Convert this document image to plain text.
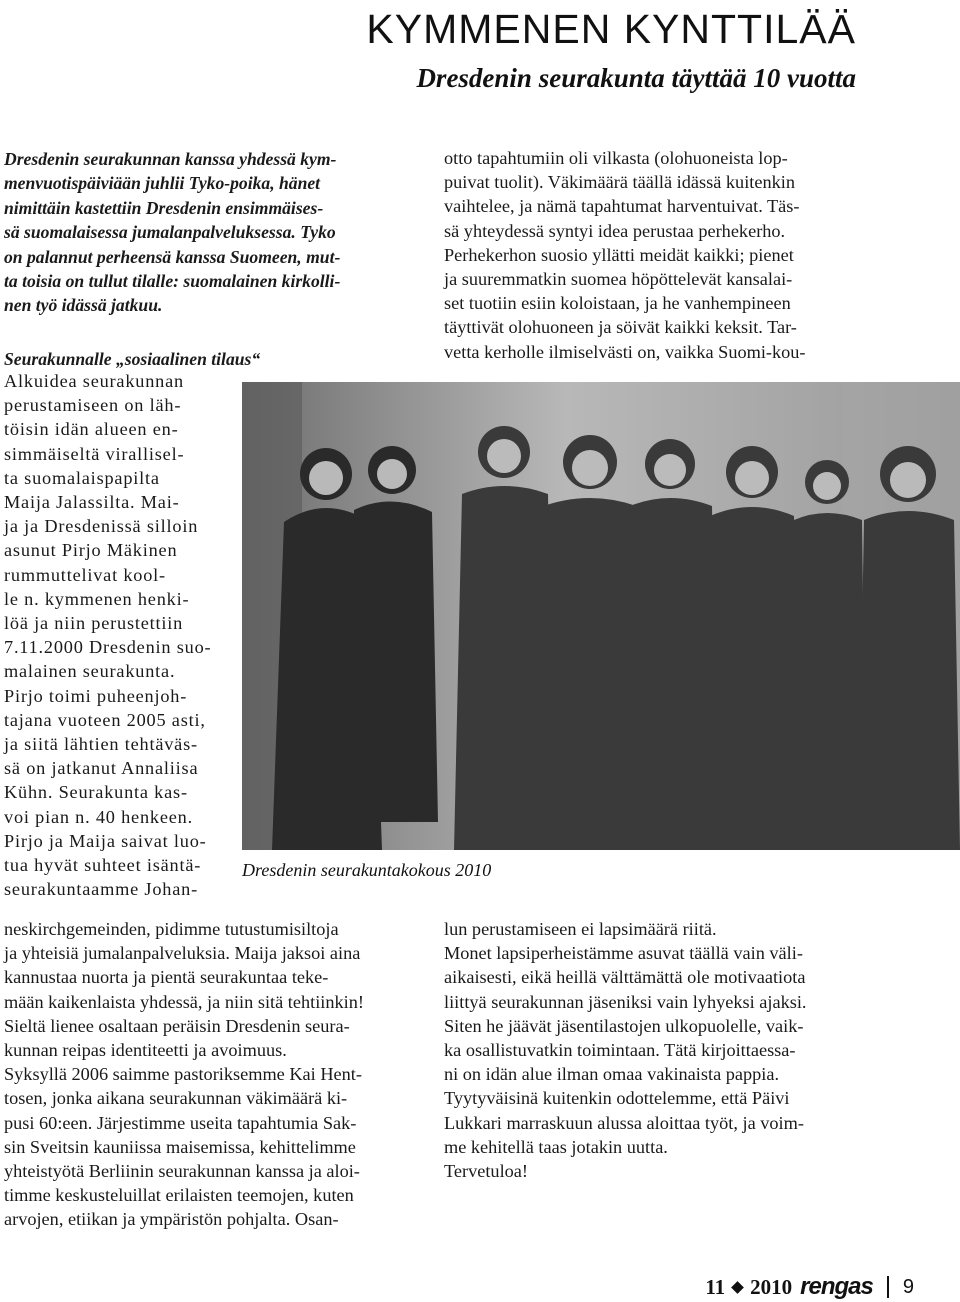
KYMMENEN KYNTTILÄÄ
Dresdenin seurakunta täyttää 10 vuotta
Dresdenin seurakunnan kanssa yhdessä kym-
menvuotispäiviään juhlii Tyko-poika, hänet
nimittäin kastettiin Dresdenin ensimmäises-
sä suomalaisessa jumalanpalveluksessa. Tyko
on palannut perheensä kanssa Suomeen, mut-
ta toisia on tullut tilalle: suomalainen kirkolli-
nen työ idässä jatkuu.
Seurakunnalle „sosiaalinen tilaus“
Alkuidea seurakunnan
perustamiseen on läh-
töisin idän alueen en-
simmäiseltä virallisel-
ta suomalaispapilta
Maija Jalassilta. Mai-
ja ja Dresdenissä silloin
asunut Pirjo Mäkinen
rummuttelivat kool-
le n. kymmenen henki-
löä ja niin perustettiin
7.11.2000 Dresdenin suo-
malainen seurakunta.
Pirjo toimi puheenjoh-
tajana vuoteen 2005 asti,
ja siitä lähtien tehtäväs-
sä on jatkanut Annaliisa
Kühn. Seurakunta kas-
voi pian n. 40 henkeen.
Pirjo ja Maija saivat luo-
tua hyvät suhteet isäntä-
seurakuntaamme Johan-
neskirchgemeinden, pidimme tutustumisiltoja
ja yhteisiä jumalanpalveluksia. Maija jaksoi aina
kannustaa nuorta ja pientä seurakuntaa teke-
mään kaikenlaista yhdessä, ja niin sitä tehtiinkin!
Sieltä lienee osaltaan peräisin Dresdenin seura-
kunnan reipas identiteetti ja avoimuus.
Syksyllä 2006 saimme pastoriksemme Kai Hent-
tosen, jonka aikana seurakunnan väkimäärä ki-
pusi 60:een. Järjestimme useita tapahtumia Sak-
sin Sveitsin kauniissa maisemissa, kehittelimme
yhteistyötä Berliinin seurakunnan kanssa ja aloi-
timme keskusteluillat erilaisten teemojen, kuten
arvojen, etiikan ja ympäristön pohjalta. Osan-
otto tapahtumiin oli vilkasta (olohuoneista lop-
puivat tuolit). Väkimäärä täällä idässä kuitenkin
vaihtelee, ja nämä tapahtumat harventuivat. Täs-
sä yhteydessä syntyi idea perustaa perhekerho.
Perhekerhon suosio yllätti meidät kaikki; pienet
ja suuremmatkin suomea höpöttelevät kansalai-
set tuotiin esiin koloistaan, ja he vanhempineen
täyttivät olohuoneen ja söivät kaikki keksit. Tar-
vetta kerholle ilmiselvästi on, vaikka Suomi-kou-
lun perustamiseen ei lapsimäärä riitä.
Monet lapsiperheistämme asuvat täällä vain väli-
aikaisesti, eikä heillä välttämättä ole motivaatiota
liittyä seurakunnan jäseniksi vain lyhyeksi ajaksi.
Siten he jäävät jäsentilastojen ulkopuolelle, vaik-
ka osallistuvatkin toimintaan. Tätä kirjoittaessa-
ni on idän alue ilman omaa vakinaista pappia.
Tyytyväisinä kuitenkin odottelemme, että Päivi
Lukkari marraskuun alussa aloittaa työt, ja voim-
me kehitellä taas jotakin uutta.
Tervetuloa!
Dresdenin seurakuntakokous 2010
11 2010 rengas 9
